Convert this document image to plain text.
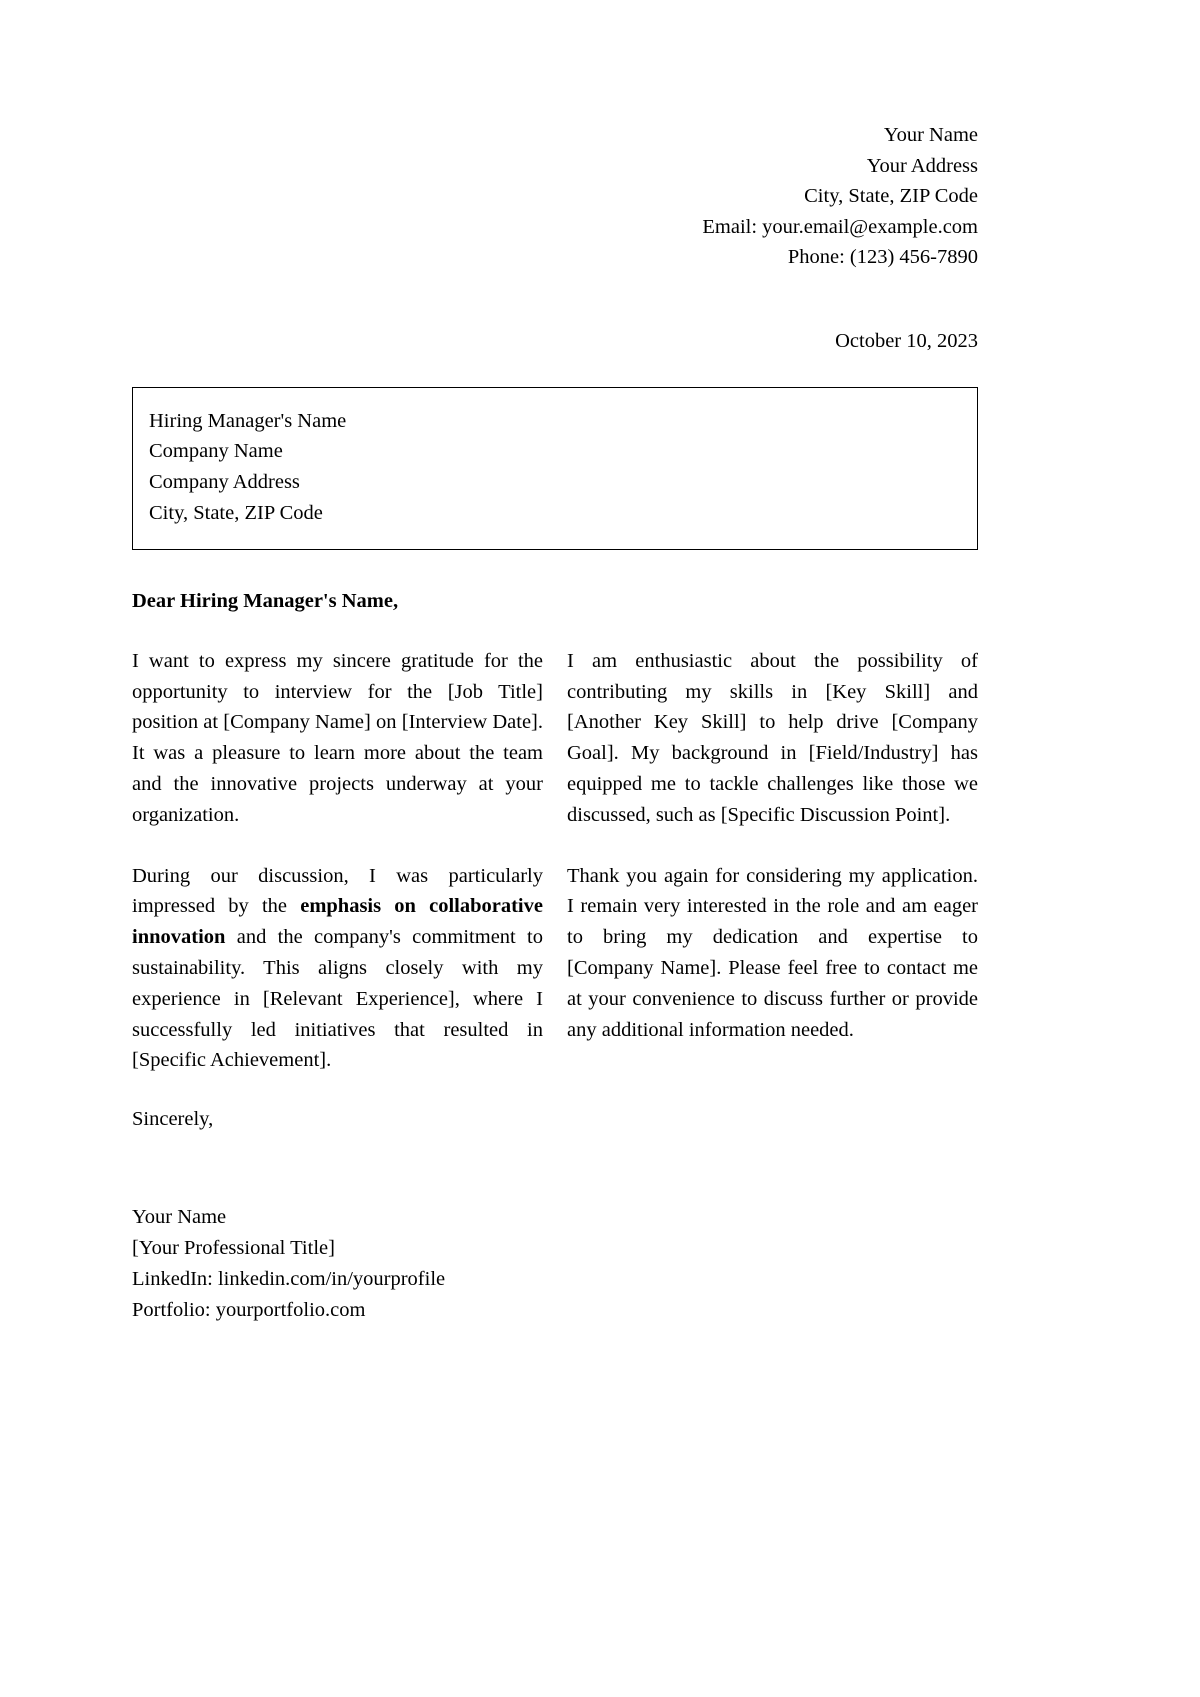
Your Name
Your Address
City, State, ZIP Code
Email: your.email@example.com
Phone: (123) 456-7890
October 10, 2023
Hiring Manager's Name
Company Name
Company Address
City, State, ZIP Code
Dear Hiring Manager's Name,

I want to express my sincere gratitude for the opportunity to interview for the [Job Title] position at [Company Name] on [Interview Date]. It was a pleasure to learn more about the team and the innovative projects underway at your organization.

During our discussion, I was particularly impressed by the emphasis on collaborative innovation and the company's commitment to sustainability. This aligns closely with my experience in [Relevant Experience], where I successfully led initiatives that resulted in [Specific Achievement].

I am enthusiastic about the possibility of contributing my skills in [Key Skill] and [Another Key Skill] to help drive [Company Goal]. My background in [Field/Industry] has equipped me to tackle challenges like those we discussed, such as [Specific Discussion Point].

Thank you again for considering my application. I remain very interested in the role and am eager to bring my dedication and expertise to [Company Name]. Please feel free to contact me at your convenience to discuss further or provide any additional information needed.

Sincerely,
Your Name
[Your Professional Title]
LinkedIn: linkedin.com/in/yourprofile
Portfolio: yourportfolio.com
